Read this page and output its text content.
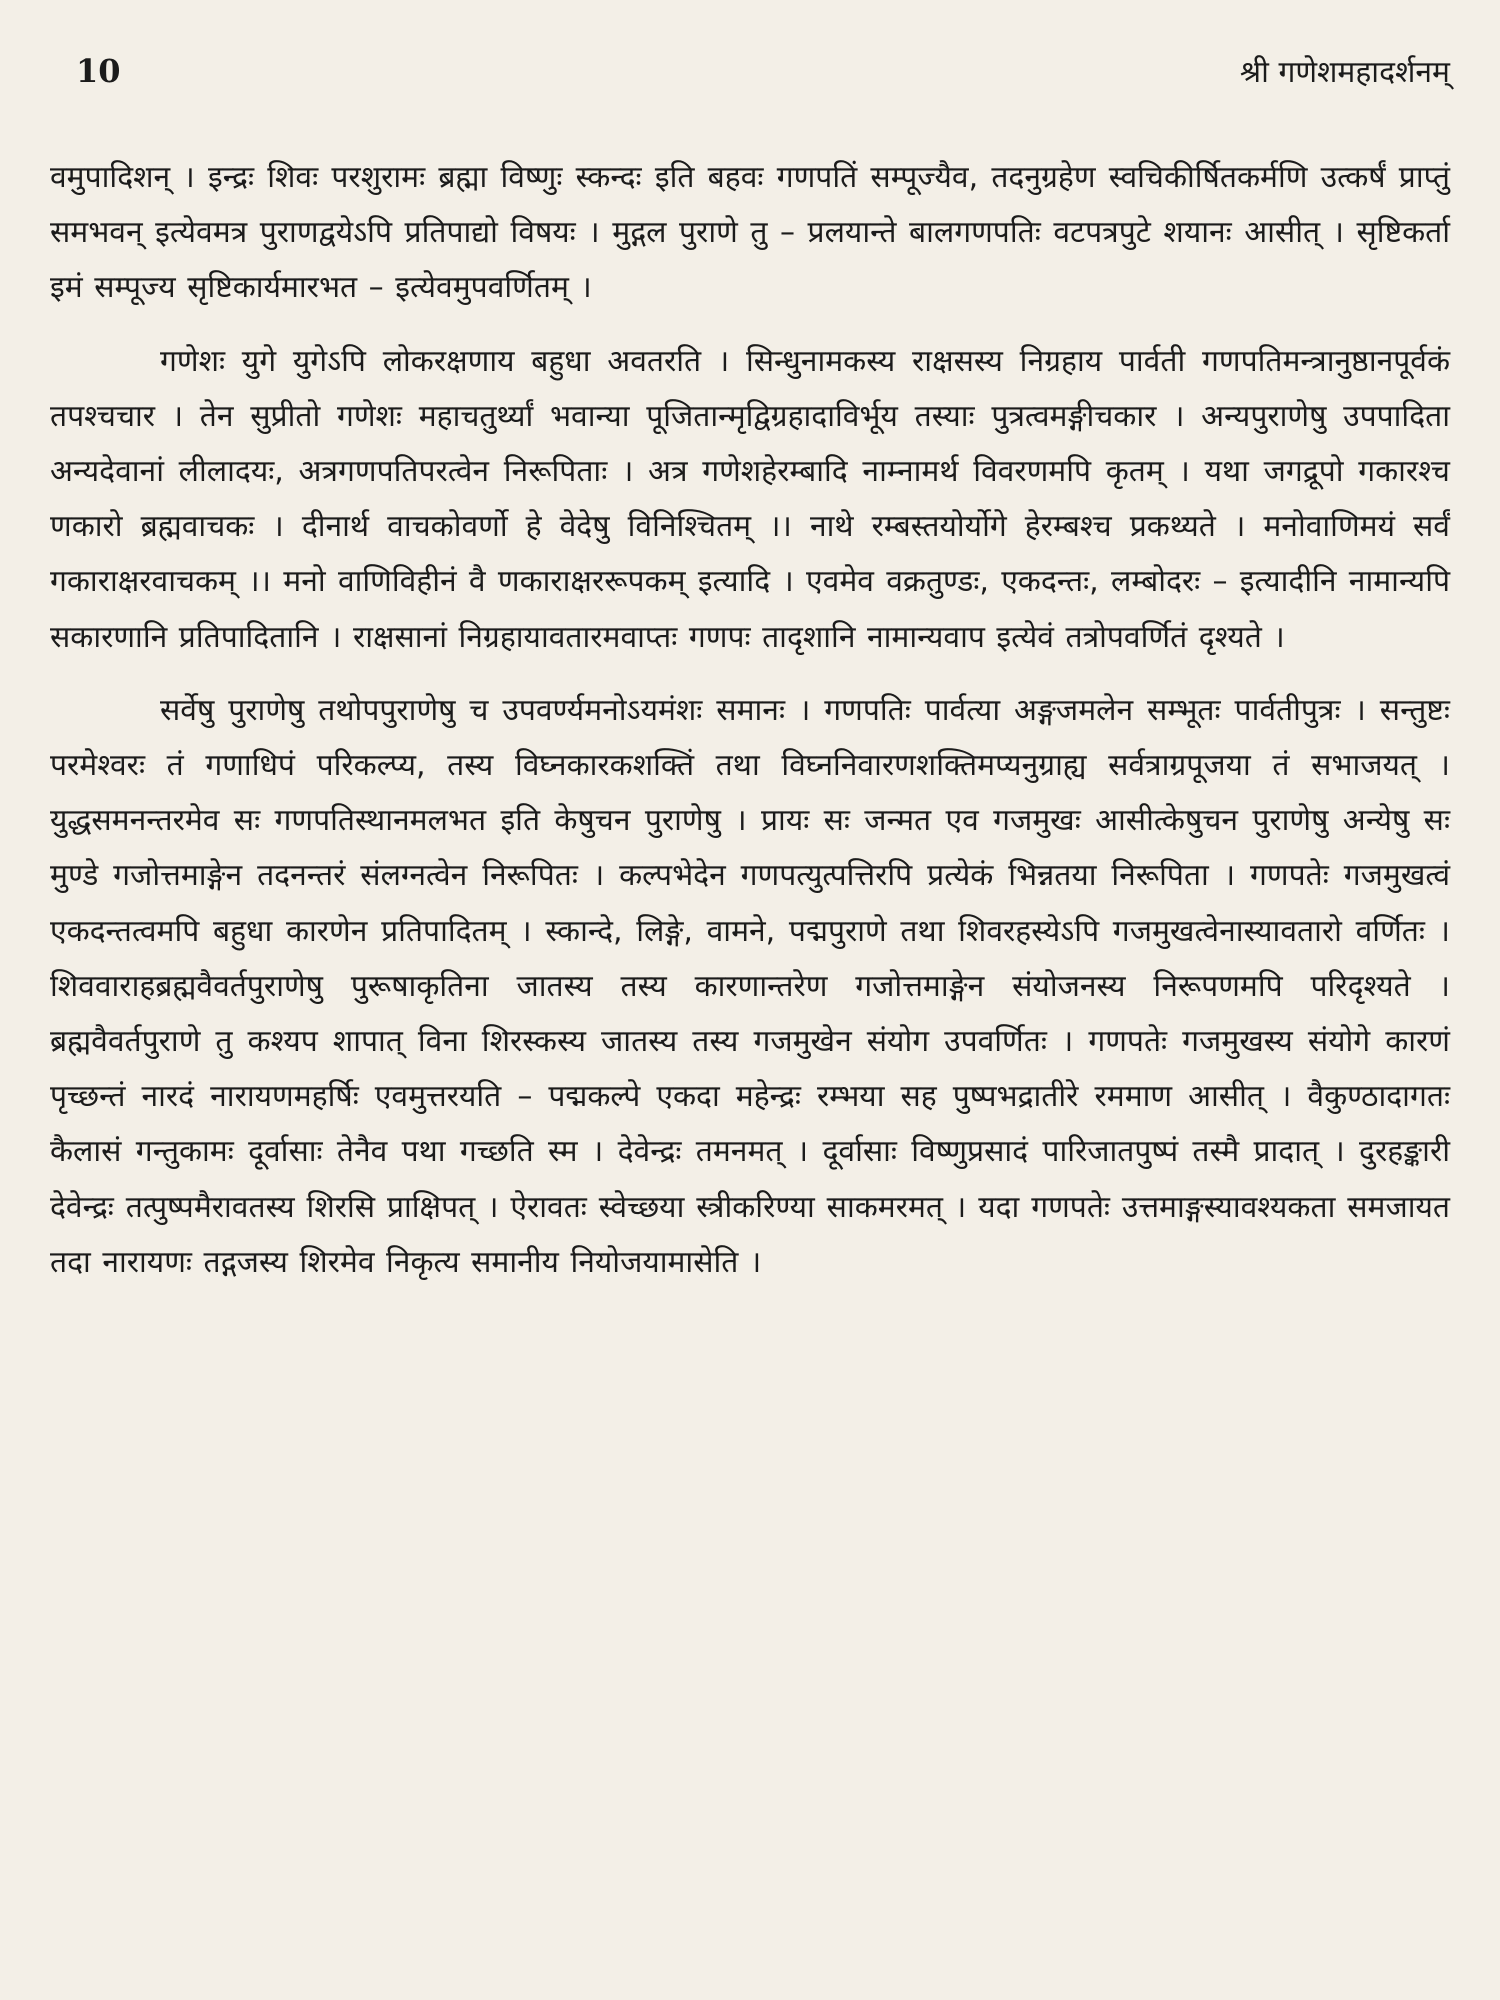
10	श्री गणेशमहादर्शनम्

वमुपादिशन् । इन्द्रः शिवः परशुरामः ब्रह्मा विष्णुः स्कन्दः इति बहवः गणपतिं सम्पूज्यैव, तदनुग्रहेण स्वचिकीर्षितकर्मणि उत्कर्षं प्राप्तुं समभवन् इत्येवमत्र पुराणद्वयेऽपि प्रतिपाद्यो विषयः । मुद्गल पुराणे तु – प्रलयान्ते बालगणपतिः वटपत्रपुटे शयानः आसीत् । सृष्टिकर्ता इमं सम्पूज्य सृष्टिकार्यमारभत – इत्येवमुपवर्णितम् ।

गणेशः युगे युगेऽपि लोकरक्षणाय बहुधा अवतरति । सिन्धुनामकस्य राक्षसस्य निग्रहाय पार्वती गणपतिमन्त्रानुष्ठानपूर्वकं तपश्चचार । तेन सुप्रीतो गणेशः महाचतुर्थ्यां भवान्या पूजितान्मृद्विग्रहादाविर्भूय तस्याः पुत्रत्वमङ्गीचकार । अन्यपुराणेषु उपपादिता अन्यदेवानां लीलादयः, अत्रगणपतिपरत्वेन निरूपिताः । अत्र गणेशहेरम्बादि नाम्नामर्थ विवरणमपि कृतम् । यथा जगद्रूपो गकारश्च णकारो ब्रह्मवाचकः । दीनार्थ वाचकोवर्णो हे वेदेषु विनिश्चितम् ।। नाथे रम्बस्तयोर्योगे हेरम्बश्च प्रकथ्यते । मनोवाणिमयं सर्वं गकाराक्षरवाचकम् ।। मनो वाणिविहीनं वै णकाराक्षररूपकम् इत्यादि । एवमेव वक्रतुण्डः, एकदन्तः, लम्बोदरः – इत्यादीनि नामान्यपि सकारणानि प्रतिपादितानि । राक्षसानां निग्रहायावतारमवाप्तः गणपः तादृशानि नामान्यवाप इत्येवं तत्रोपवर्णितं दृश्यते ।

सर्वेषु पुराणेषु तथोपपुराणेषु च उपवर्ण्यमनोऽयमंशः समानः । गणपतिः पार्वत्या अङ्गजमलेन सम्भूतः पार्वतीपुत्रः । सन्तुष्टः परमेश्वरः तं गणाधिपं परिकल्प्य, तस्य विघ्नकारकशक्तिं तथा विघ्ननिवारणशक्तिमप्यनुग्राह्य सर्वत्राग्रपूजया तं सभाजयत् । युद्धसमनन्तरमेव सः गणपतिस्थानमलभत इति केषुचन पुराणेषु । प्रायः सः जन्मत एव गजमुखः आसीत्केषुचन पुराणेषु अन्येषु सः मुण्डे गजोत्तमाङ्गेन तदनन्तरं संलग्नत्वेन निरूपितः । कल्पभेदेन गणपत्युत्पत्तिरपि प्रत्येकं भिन्नतया निरूपिता । गणपतेः गजमुखत्वं एकदन्तत्वमपि बहुधा कारणेन प्रतिपादितम् । स्कान्दे, लिङ्गे, वामने, पद्मपुराणे तथा शिवरहस्येऽपि गजमुखत्वेनास्यावतारो वर्णितः । शिववाराहब्रह्मवैवर्तपुराणेषु पुरूषाकृतिना जातस्य तस्य कारणान्तरेण गजोत्तमाङ्गेन संयोजनस्य निरूपणमपि परिदृश्यते । ब्रह्मवैवर्तपुराणे तु कश्यप शापात् विना शिरस्कस्य जातस्य तस्य गजमुखेन संयोग उपवर्णितः । गणपतेः गजमुखस्य संयोगे कारणं पृच्छन्तं नारदं नारायणमहर्षिः एवमुत्तरयति – पद्मकल्पे एकदा महेन्द्रः रम्भया सह पुष्पभद्रातीरे रममाण आसीत् । वैकुण्ठादागतः कैलासं गन्तुकामः दूर्वासाः तेनैव पथा गच्छति स्म । देवेन्द्रः तमनमत् । दूर्वासाः विष्णुप्रसादं पारिजातपुष्पं तस्मै प्रादात् । दुरहङ्कारी देवेन्द्रः तत्पुष्पमैरावतस्य शिरसि प्राक्षिपत् । ऐरावतः स्वेच्छया स्त्रीकरिण्या साकमरमत् । यदा गणपतेः उत्तमाङ्गस्यावश्यकता समजायत तदा नारायणः तद्गजस्य शिरमेव निकृत्य समानीय नियोजयामासेति ।
